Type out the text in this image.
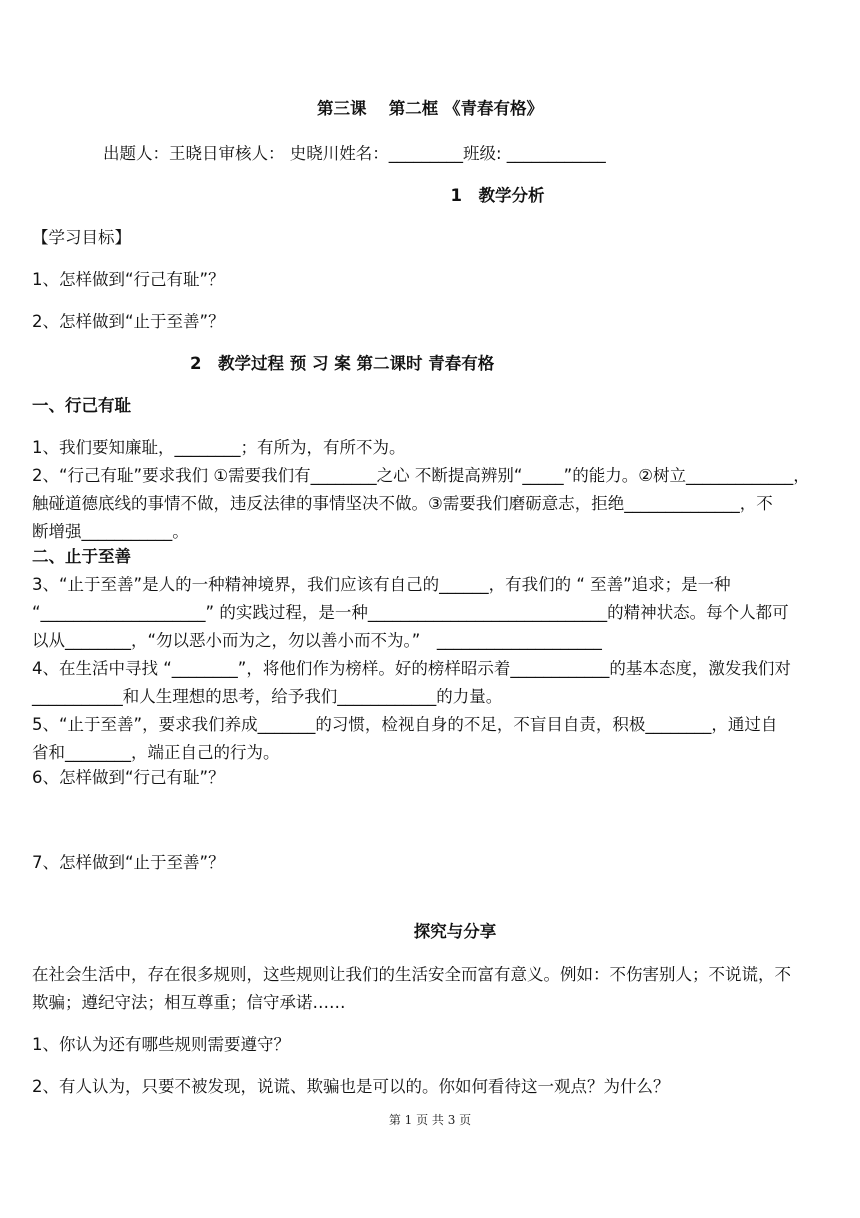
第三课　 第二框 《青春有格》
出题人：王晓日审核人： 史晓川姓名：_________班级: ____________
1　教学分析
【学习目标】
1、怎样做到“行己有耻”？
2、怎样做到“止于至善”？
2　教学过程 预 习 案 第二课时 青春有格
一、行己有耻
1、我们要知廉耻，________；有所为，有所不为。
2、“行己有耻”要求我们 ①需要我们有________之心 不断提高辨别“_____”的能力。②树立_____________，
触碰道德底线的事情不做，违反法律的事情坚决不做。③需要我们磨砺意志，拒绝______________，不
断增强___________。
二、止于至善
3、“止于至善”是人的一种精神境界，我们应该有自己的______，有我们的 “ 至善”追求；是一种
“____________________” 的实践过程，是一种_____________________________的精神状态。每个人都可
以从________，“勿以恶小而为之，勿以善小而不为。”　____________________
4、在生活中寻找 “________”，将他们作为榜样。好的榜样昭示着____________的基本态度，激发我们对
___________和人生理想的思考，给予我们____________的力量。
5、“止于至善”，要求我们养成_______的习惯，检视自身的不足，不盲目自责，积极________，通过自
省和________，端正自己的行为。
6、怎样做到“行己有耻”？
7、怎样做到“止于至善”？
探究与分享
在社会生活中，存在很多规则，这些规则让我们的生活安全而富有意义。例如：不伤害别人；不说谎，不
欺骗；遵纪守法；相互尊重；信守承诺……
1、你认为还有哪些规则需要遵守？
2、有人认为，只要不被发现，说谎、欺骗也是可以的。你如何看待这一观点？为什么？
第 1 页 共 3 页
